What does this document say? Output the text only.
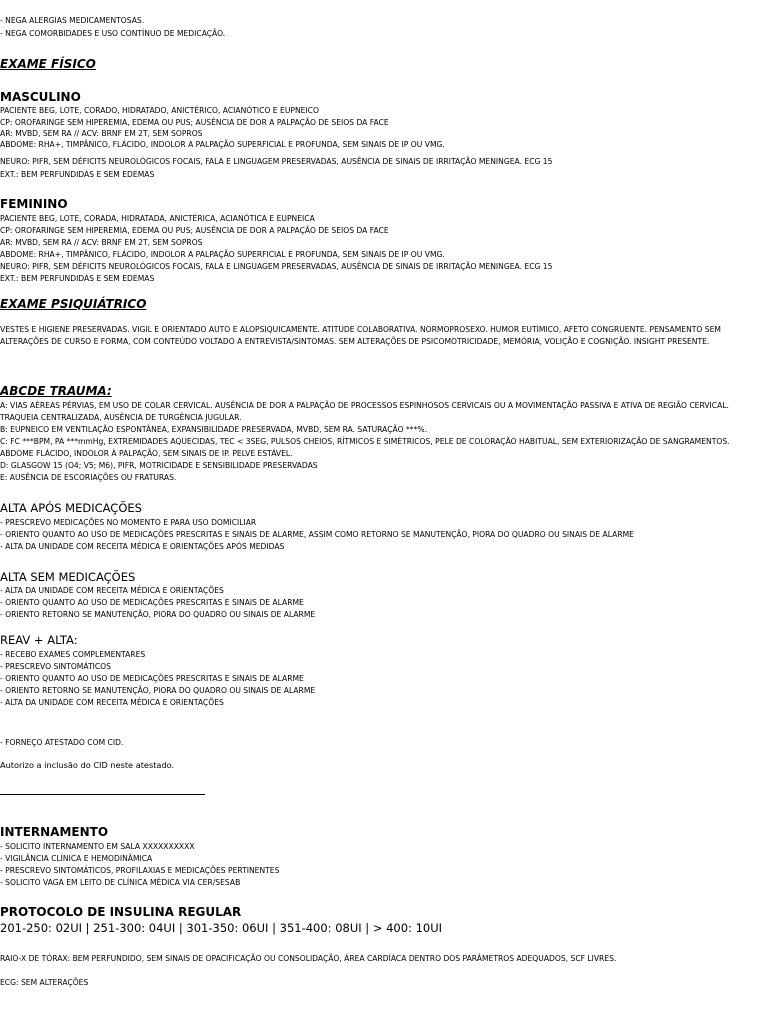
- NEGA ALERGIAS MEDICAMENTOSAS.

- NEGA COMORBIDADES E USO CONTÍNUO DE MEDICAÇÃO.

EXAME FÍSICO

MASCULINO

PACIENTE BEG, LOTE, CORADO, HIDRATADO, ANICTÉRICO, ACIANÓTICO E EUPNEICO

CP: OROFARINGE SEM HIPEREMIA, EDEMA OU PUS; AUSÊNCIA DE DOR A PALPAÇÃO DE SEIOS DA FACE

AR: MVBD, SEM RA // ACV: BRNF EM 2T, SEM SOPROS

ABDOME: RHA+, TIMPÂNICO, FLÁCIDO, INDOLOR A PALPAÇÃO SUPERFICIAL E PROFUNDA, SEM SINAIS DE IP OU VMG.

NEURO: PIFR, SEM DÉFICITS NEUROLÓGICOS FOCAIS, FALA E LINGUAGEM PRESERVADAS, AUSÊNCIA DE SINAIS DE IRRITAÇÃO MENINGEA. ECG 15

EXT.: BEM PERFUNDIDAS E SEM EDEMAS

FEMININO

PACIENTE BEG, LOTE, CORADA, HIDRATADA, ANICTÉRICA, ACIANÓTICA E EUPNEICA

CP: OROFARINGE SEM HIPEREMIA, EDEMA OU PUS; AUSÊNCIA DE DOR A PALPAÇÃO DE SEIOS DA FACE

AR: MVBD, SEM RA // ACV: BRNF EM 2T, SEM SOPROS

ABDOME: RHA+, TIMPÂNICO, FLÁCIDO, INDOLOR A PALPAÇÃO SUPERFICIAL E PROFUNDA, SEM SINAIS DE IP OU VMG.

NEURO: PIFR, SEM DÉFICITS NEUROLÓGICOS FOCAIS, FALA E LINGUAGEM PRESERVADAS, AUSÊNCIA DE SINAIS DE IRRITAÇÃO MENINGEA. ECG 15

EXT.: BEM PERFUNDIDAS E SEM EDEMAS

EXAME PSIQUIÁTRICO

VESTES E HIGIENE PRESERVADAS. VIGIL E ORIENTADO AUTO E ALOPSIQUICAMENTE. ATITUDE COLABORATIVA. NORMOPROSEXO. HUMOR EUTÍMICO, AFETO CONGRUENTE. PENSAMENTO SEM ALTERAÇÕES DE CURSO E FORMA, COM CONTEÚDO VOLTADO A ENTREVISTA/SINTOMAS. SEM ALTERAÇÕES DE PSICOMOTRICIDADE, MEMÓRIA, VOLIÇÃO E COGNIÇÃO. INSIGHT PRESENTE.

ABCDE TRAUMA:

A: VIAS AÉREAS PÉRVIAS, EM USO DE COLAR CERVICAL. AUSÊNCIA DE DOR A PALPAÇÃO DE PROCESSOS ESPINHOSOS CERVICAIS OU A MOVIMENTAÇÃO PASSIVA E ATIVA DE REGIÃO CERVICAL. TRAQUEIA CENTRALIZADA, AUSÊNCIA DE TURGÊNCIA JUGULAR.

B: EUPNEICO EM VENTILAÇÃO ESPONTÂNEA, EXPANSIBILIDADE PRESERVADA, MVBD, SEM RA. SATURAÇÃO ***%.

C: FC ***BPM, PA ***mmHg, EXTREMIDADES AQUECIDAS, TEC < 3SEG, PULSOS CHEIOS, RÍTMICOS E SIMÉTRICOS, PELE DE COLORAÇÃO HABITUAL, SEM EXTERIORIZAÇÃO DE SANGRAMENTOS. ABDOME FLÁCIDO, INDOLOR À PALPAÇÃO, SEM SINAIS DE IP. PELVE ESTÁVEL.

D: GLASGOW 15 (O4; V5; M6), PIFR, MOTRICIDADE E SENSIBILIDADE PRESERVADAS

E: AUSÊNCIA DE ESCORIAÇÕES OU FRATURAS.

ALTA APÓS MEDICAÇÕES

- PRESCREVO MEDICAÇÕES NO MOMENTO E PARA USO DOMICILIAR

- ORIENTO QUANTO AO USO DE MEDICAÇÕES PRESCRITAS E SINAIS DE ALARME, ASSIM COMO RETORNO SE MANUTENÇÃO, PIORA DO QUADRO OU SINAIS DE ALARME

- ALTA DA UNIDADE COM RECEITA MÉDICA E ORIENTAÇÕES APÓS MEDIDAS

ALTA SEM MEDICAÇÕES

- ALTA DA UNIDADE COM RECEITA MÉDICA E ORIENTAÇÕES

- ORIENTO QUANTO AO USO DE MEDICAÇÕES PRESCRITAS E SINAIS DE ALARME

- ORIENTO RETORNO SE MANUTENÇÃO, PIORA DO QUADRO OU SINAIS DE ALARME

REAV + ALTA:

- RECEBO EXAMES COMPLEMENTARES

- PRESCREVO SINTOMÁTICOS

- ORIENTO QUANTO AO USO DE MEDICAÇÕES PRESCRITAS E SINAIS DE ALARME

- ORIENTO RETORNO SE MANUTENÇÃO, PIORA DO QUADRO OU SINAIS DE ALARME

- ALTA DA UNIDADE COM RECEITA MÉDICA E ORIENTAÇÕES

- FORNEÇO ATESTADO COM CID.

Autorizo a inclusão do CID neste atestado.

INTERNAMENTO

- SOLICITO INTERNAMENTO EM SALA XXXXXXXXXX

- VIGILÂNCIA CLÍNICA E HEMODINÂMICA

- PRESCREVO SINTOMÁTICOS, PROFILAXIAS E MEDICAÇÕES PERTINENTES

- SOLICITO VAGA EM LEITO DE CLÍNICA MÉDICA VIA CER/SESAB

PROTOCOLO DE INSULINA REGULAR

201-250: 02UI | 251-300: 04UI | 301-350: 06UI | 351-400: 08UI | > 400: 10UI

RAIO-X DE TÓRAX: BEM PERFUNDIDO, SEM SINAIS DE OPACIFICAÇÃO OU CONSOLIDAÇÃO, ÁREA CARDÍACA DENTRO DOS PARÂMETROS ADEQUADOS, SCF LIVRES.

ECG: SEM ALTERAÇÕES
